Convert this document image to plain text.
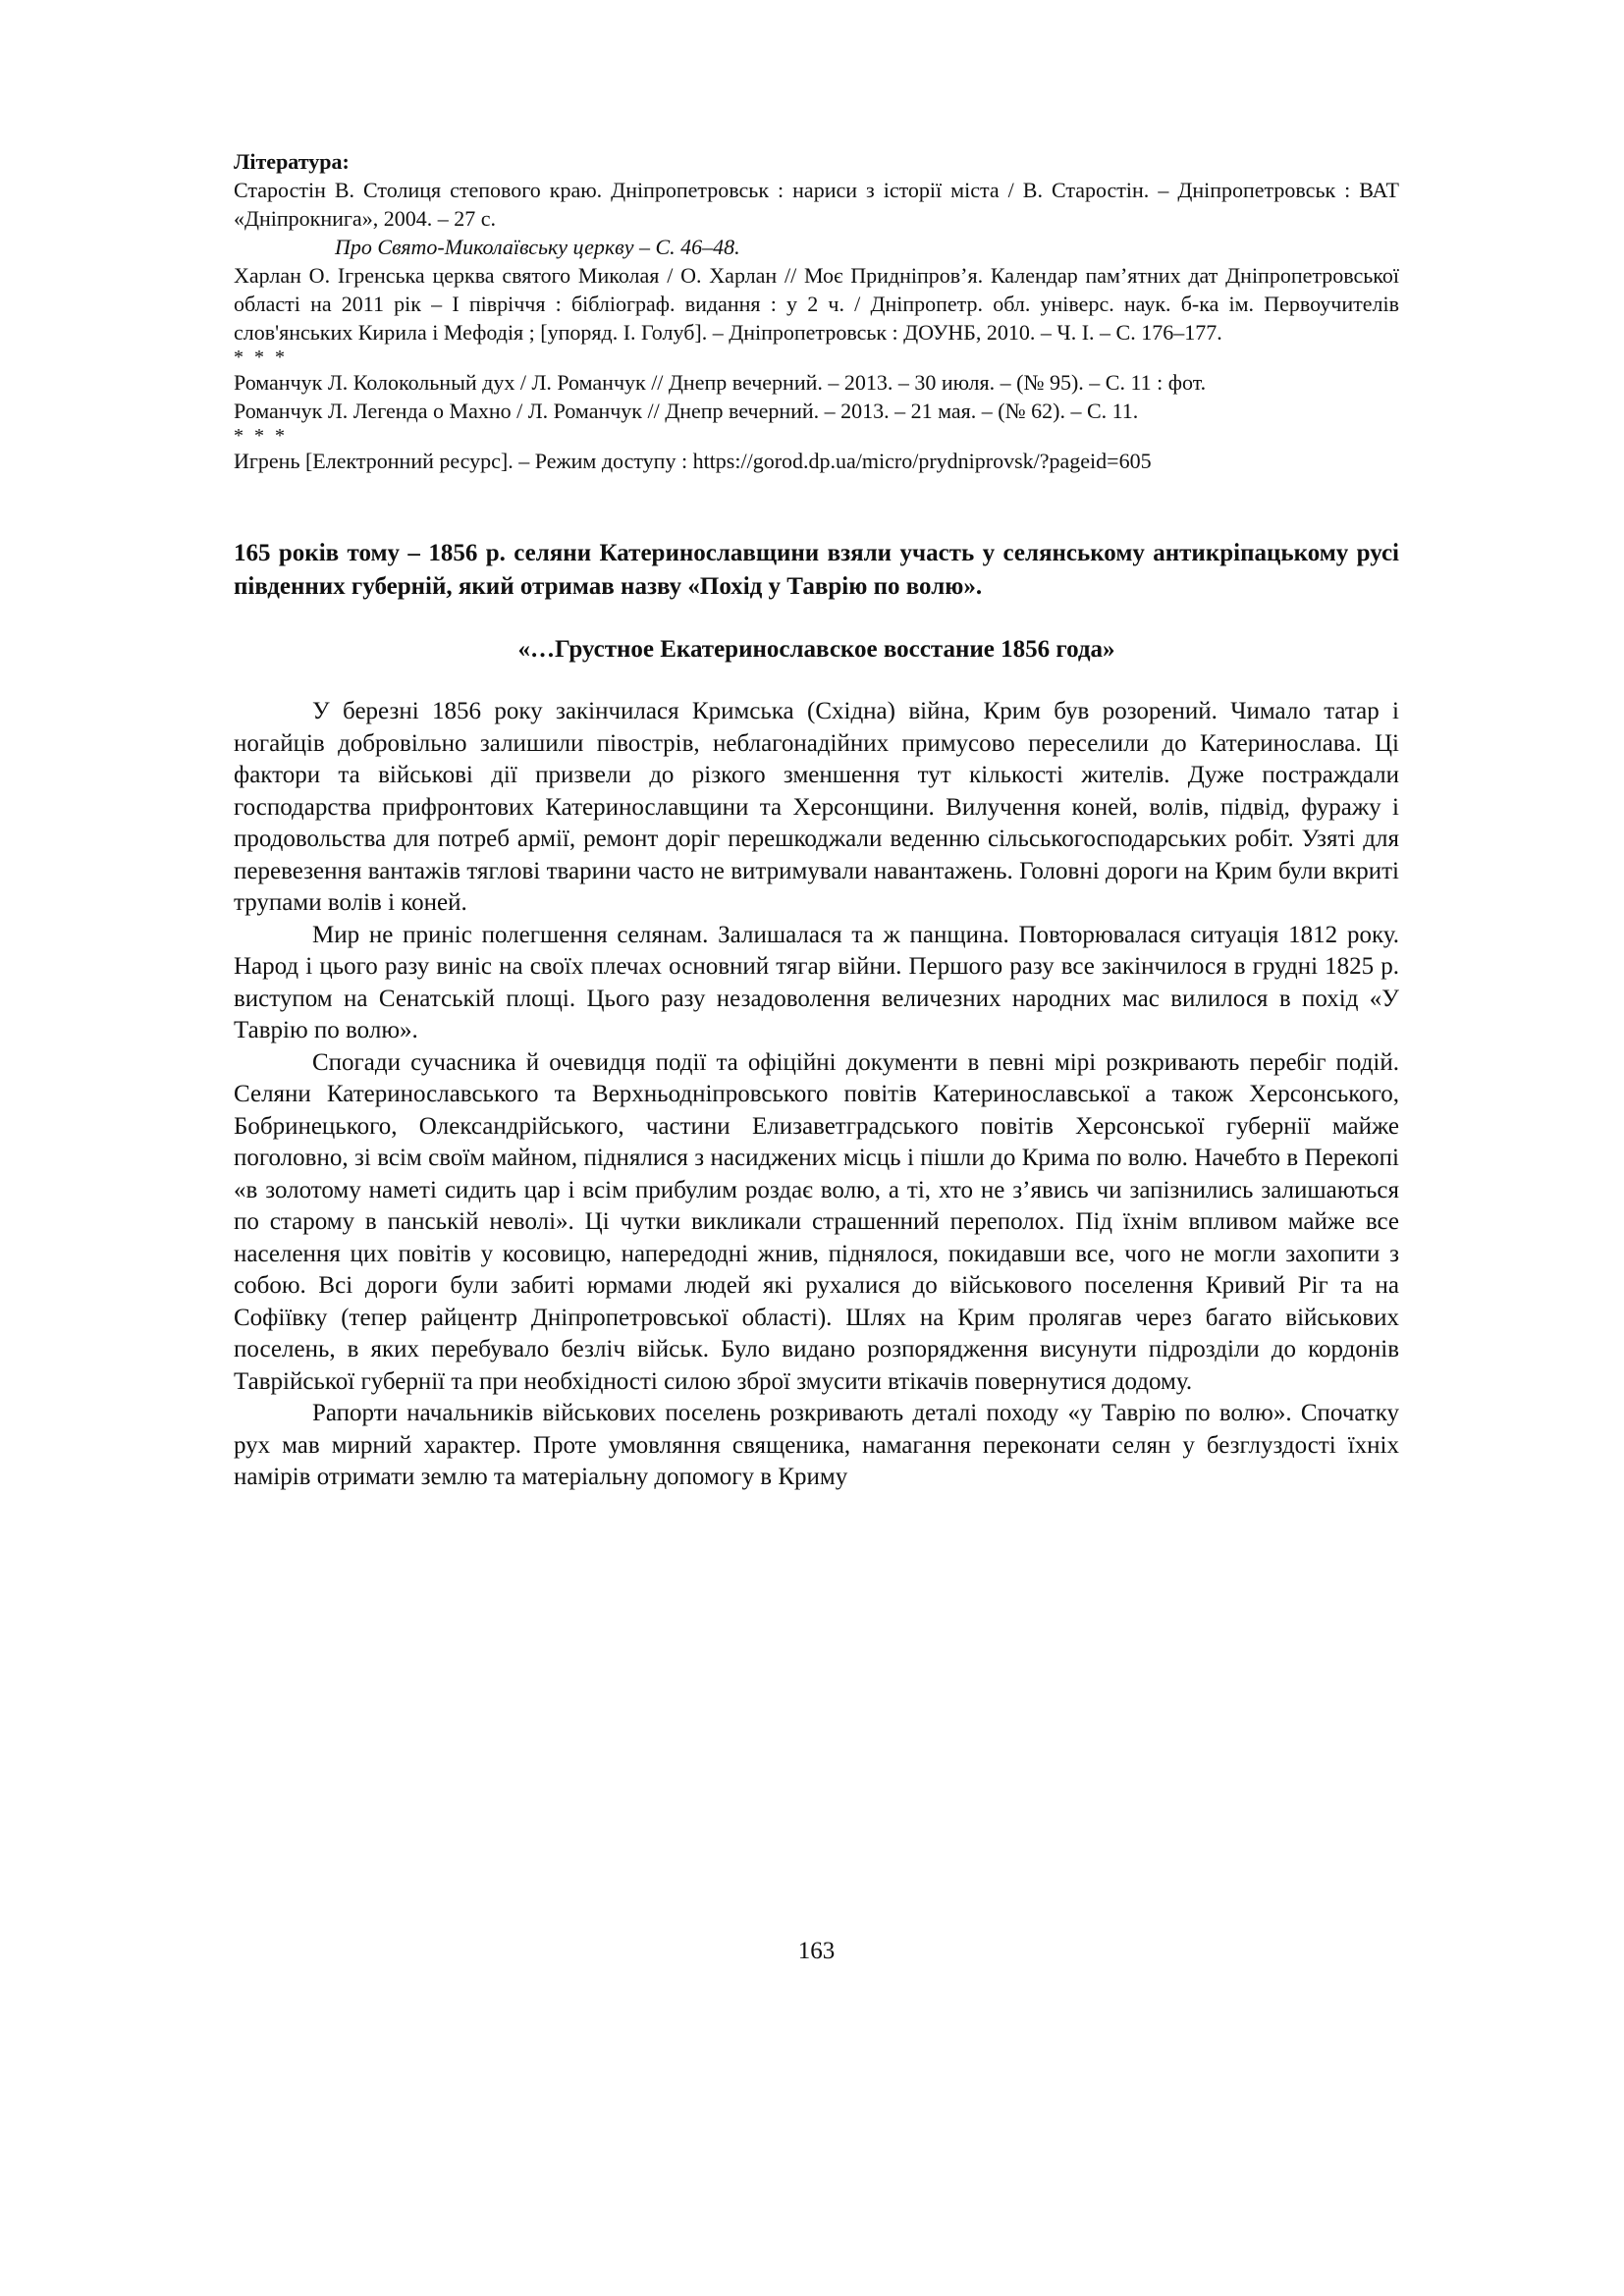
Література:

Старостін В. Столиця степового краю. Дніпропетровськ : нариси з історії міста / В. Старостін. – Дніпропетровськ : ВАТ «Дніпрокнига», 2004. – 27 с.

Про Свято-Миколаївську церкву – С. 46–48.

Харлан О. Ігренська церква святого Миколая / О. Харлан // Моє Придніпров’я. Календар пам’ятних дат Дніпропетровської області на 2011 рік – І півріччя : бібліограф. видання : у 2 ч. / Дніпропетр. обл. універс. наук. б-ка ім. Первоучителів слов'янських Кирила і Мефодія ; [упоряд. І. Голуб]. – Дніпропетровськ : ДОУНБ, 2010. – Ч. І. – С. 176–177.

* * *

Романчук Л. Колокольный дух / Л. Романчук // Днепр вечерний. – 2013. – 30 июля. – (№ 95). – С. 11 : фот.

Романчук Л. Легенда о Махно / Л. Романчук // Днепр вечерний. – 2013. – 21 мая. – (№ 62). – С. 11.

* * *

Игрень [Електронний ресурс]. – Режим доступу : https://gorod.dp.ua/micro/prydniprovsk/?pageid=605

165 років тому – 1856 р. селяни Катеринославщини взяли участь у селянському антикріпацькому русі південних губерній, який отримав назву «Похід у Таврію по волю».

«…Грустное Екатеринославское восстание 1856 года»

У березні 1856 року закінчилася Кримська (Східна) війна, Крим був розорений. Чимало татар і ногайців добровільно залишили півострів, неблагонадійних примусово переселили до Катеринослава. Ці фактори та військові дії призвели до різкого зменшення тут кількості жителів. Дуже постраждали господарства прифронтових Катеринославщини та Херсонщини. Вилучення коней, волів, підвід, фуражу і продовольства для потреб армії, ремонт доріг перешкоджали веденню сільськогосподарських робіт. Узяті для перевезення вантажів тяглові тварини часто не витримували навантажень. Головні дороги на Крим були вкриті трупами волів і коней.

Мир не приніс полегшення селянам. Залишалася та ж панщина. Повторювалася ситуація 1812 року. Народ і цього разу виніс на своїх плечах основний тягар війни. Першого разу все закінчилося в грудні 1825 р. виступом на Сенатській площі. Цього разу незадоволення величезних народних мас вилилося в похід «У Таврію по волю».

Спогади сучасника й очевидця події та офіційні документи в певні мірі розкривають перебіг подій. Селяни Катеринославського та Верхньодніпровського повітів Катеринославської а також Херсонського, Бобринецького, Олександрійського, частини Елизаветградського повітів Херсонської губернії майже поголовно, зі всім своїм майном, піднялися з насиджених місць і пішли до Крима по волю. Начебто в Перекопі «в золотому наметі сидить цар і всім прибулим роздає волю, а ті, хто не з’явись чи запізнились залишаються по старому в панській неволі». Ці чутки викликали страшенний переполох. Під їхнім впливом майже все населення цих повітів у косовицю, напередодні жнив, піднялося, покидавши все, чого не могли захопити з собою. Всі дороги були забиті юрмами людей які рухалися до військового поселення Кривий Ріг та на Софіївку (тепер райцентр Дніпропетровської області). Шлях на Крим пролягав через багато військових поселень, в яких перебувало безліч військ. Було видано розпорядження висунути підрозділи до кордонів Таврійської губернії та при необхідності силою зброї змусити втікачів повернутися додому.

Рапорти начальників військових поселень розкривають деталі походу «у Таврію по волю». Спочатку рух мав мирний характер. Проте умовляння священика, намагання переконати селян у безглуздості їхніх намірів отримати землю та матеріальну допомогу в Криму

163
